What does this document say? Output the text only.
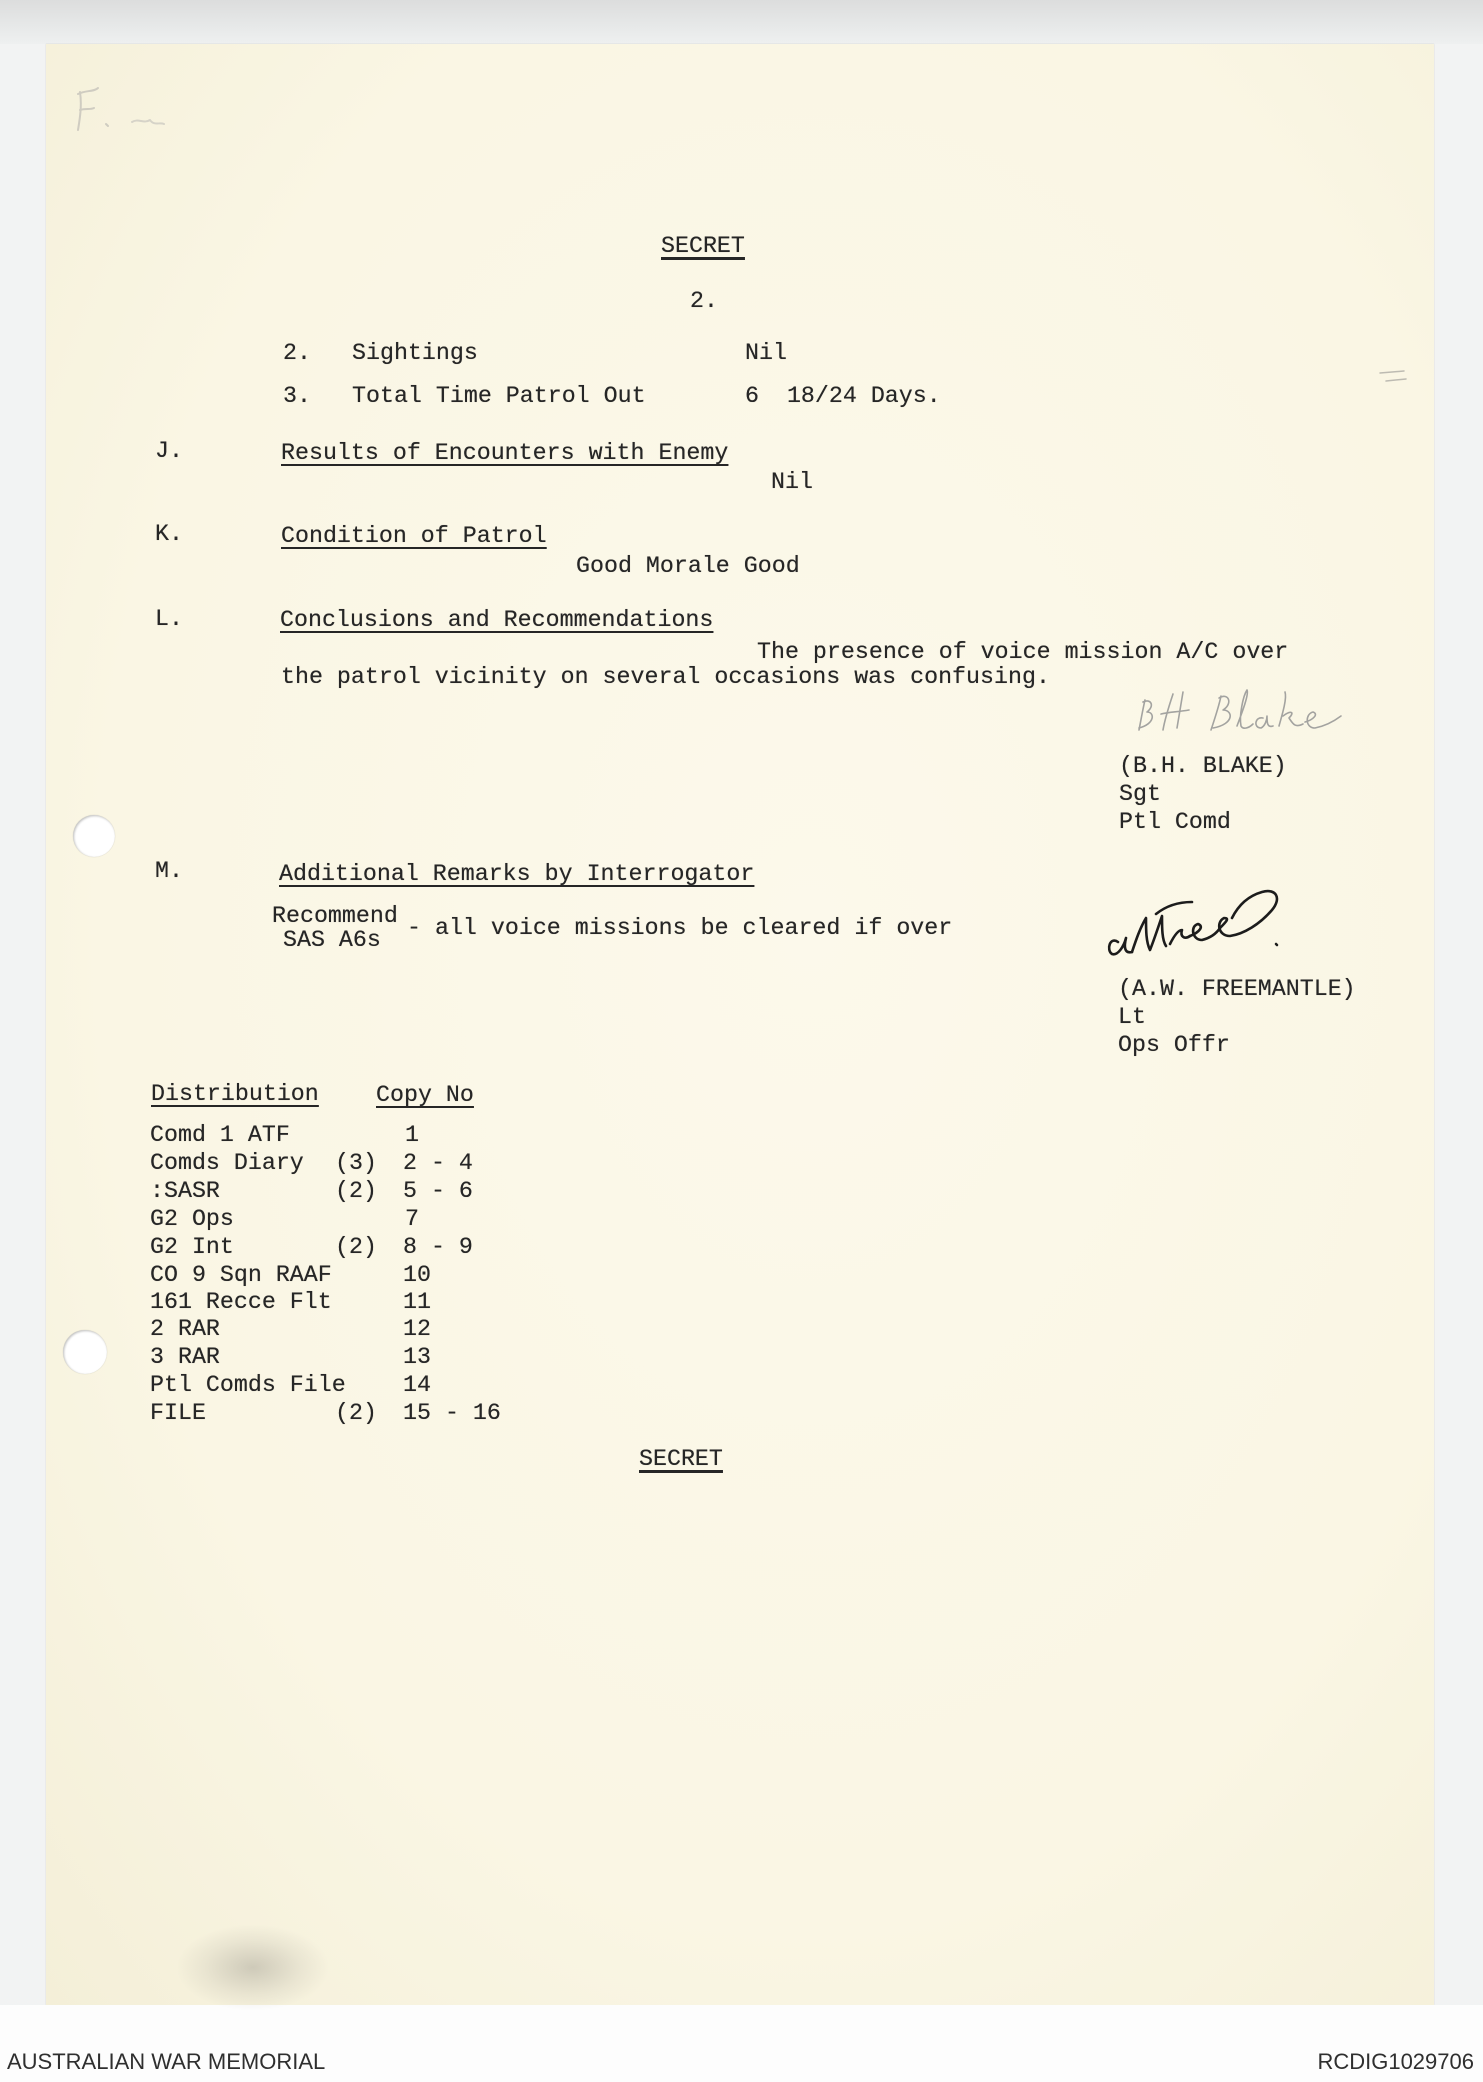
SECRET
2.
2. Sightings	Nil
3. Total Time Patrol Out	6  18/24 Days.
J.	Results of Encounters with Enemy
Nil
K.	Condition of Patrol
Good Morale Good
L.	Conclusions and Recommendations
The presence of voice mission A/C over
the patrol vicinity on several occasions was confusing.
(B.H. BLAKE)
Sgt
Ptl Comd
M.	Additional Remarks by Interrogator
Recommend - all voice missions be cleared if over
SAS A6s
(A.W. FREEMANTLE)
Lt
Ops Offr
Distribution Copy No
Comd 1 ATF	1
Comds Diary (3) 2 - 4
:SASR	(2) 5 - 6
G2 Ops	7
G2 Int	(2) 8 - 9
CO 9 Sqn RAAF	10
161 Recce Flt	11
2 RAR	12
3 RAR	13
Ptl Comds File 14
FILE	(2) 15 - 16
SECRET
AUSTRALIAN WAR MEMORIAL	RCDIG1029706
